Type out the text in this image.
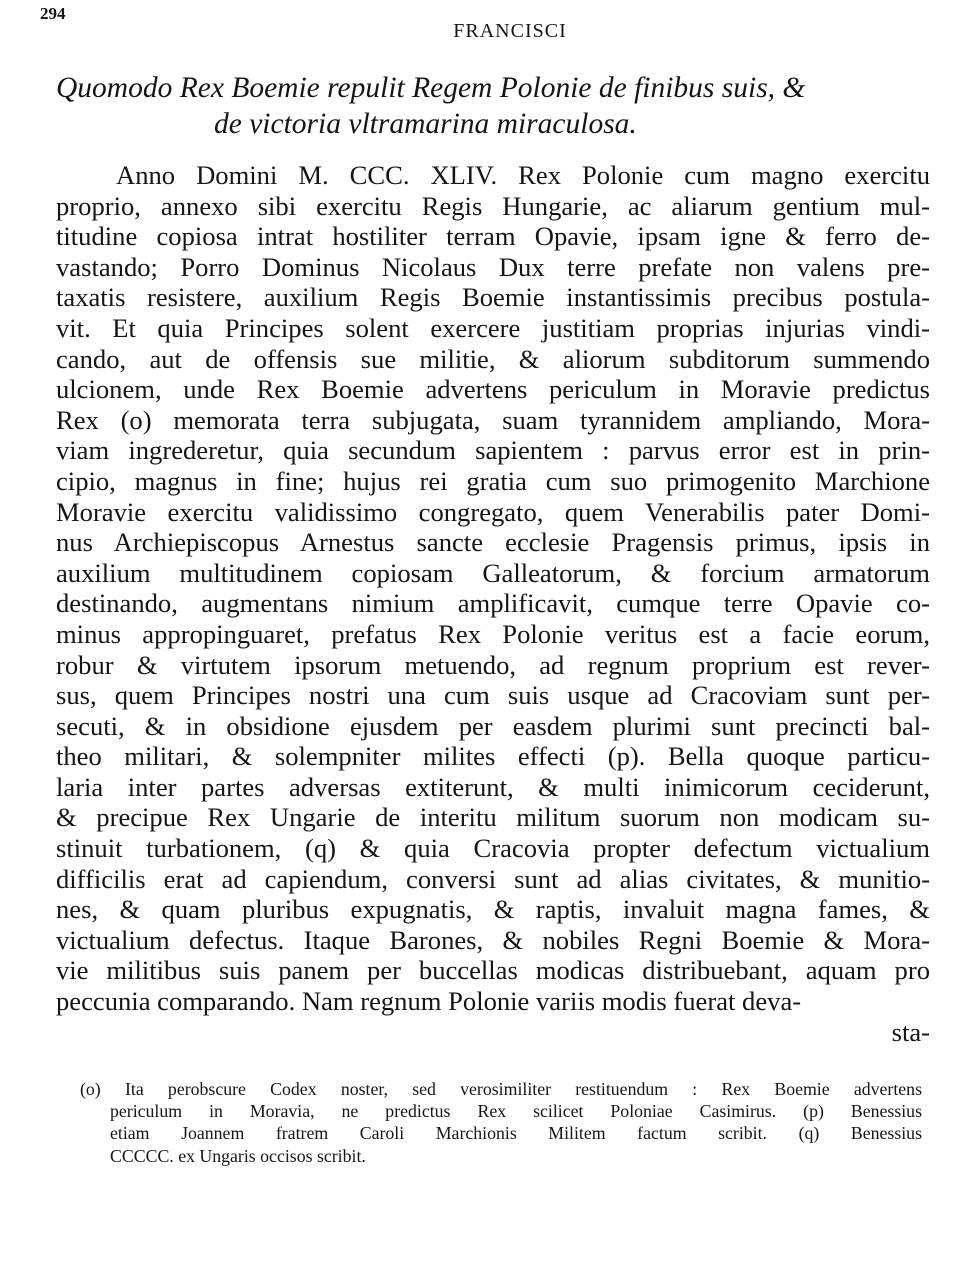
294
FRANCISCI
Quomodo Rex Boemie repulit Regem Polonie de finibus suis, &
de victoria vltramarina miraculosa.
Anno Domini M. CCC. XLIV. Rex Polonie cum magno exercitu
proprio, annexo sibi exercitu Regis Hungarie, ac aliarum gentium mul-
titudine copiosa intrat hostiliter terram Opavie, ipsam igne & ferro de-
vastando; Porro Dominus Nicolaus Dux terre prefate non valens pre-
taxatis resistere, auxilium Regis Boemie instantissimis precibus postula-
vit. Et quia Principes solent exercere justitiam proprias injurias vindi-
cando, aut de offensis sue militie, & aliorum subditorum summendo
ulcionem, unde Rex Boemie advertens periculum in Moravie predictus
Rex (o) memorata terra subjugata, suam tyrannidem ampliando, Mora-
viam ingrederetur, quia secundum sapientem : parvus error est in prin-
cipio, magnus in fine; hujus rei gratia cum suo primogenito Marchione
Moravie exercitu validissimo congregato, quem Venerabilis pater Domi-
nus Archiepiscopus Arnestus sancte ecclesie Pragensis primus, ipsis in
auxilium multitudinem copiosam Galleatorum, & forcium armatorum
destinando, augmentans nimium amplificavit, cumque terre Opavie co-
minus appropinguaret, prefatus Rex Polonie veritus est a facie eorum,
robur & virtutem ipsorum metuendo, ad regnum proprium est rever-
sus, quem Principes nostri una cum suis usque ad Cracoviam sunt per-
secuti, & in obsidione ejusdem per easdem plurimi sunt precincti bal-
theo militari, & solempniter milites effecti (p). Bella quoque particu-
laria inter partes adversas extiterunt, & multi inimicorum ceciderunt,
& precipue Rex Ungarie de interitu militum suorum non modicam su-
stinuit turbationem, (q) & quia Cracovia propter defectum victualium
difficilis erat ad capiendum, conversi sunt ad alias civitates, & munitio-
nes, & quam pluribus expugnatis, & raptis, invaluit magna fames, &
victualium defectus. Itaque Barones, & nobiles Regni Boemie & Mora-
vie militibus suis panem per buccellas modicas distribuebant, aquam pro
peccunia comparando. Nam regnum Polonie variis modis fuerat deva-
sta-
(o) Ita perobscure Codex noster, sed verosimiliter restituendum : Rex Boemie advertens
periculum in Moravia, ne predictus Rex scilicet Poloniae Casimirus. (p) Benessius
etiam Joannem fratrem Caroli Marchionis Militem factum scribit. (q) Benessius
CCCCC. ex Ungaris occisos scribit.
